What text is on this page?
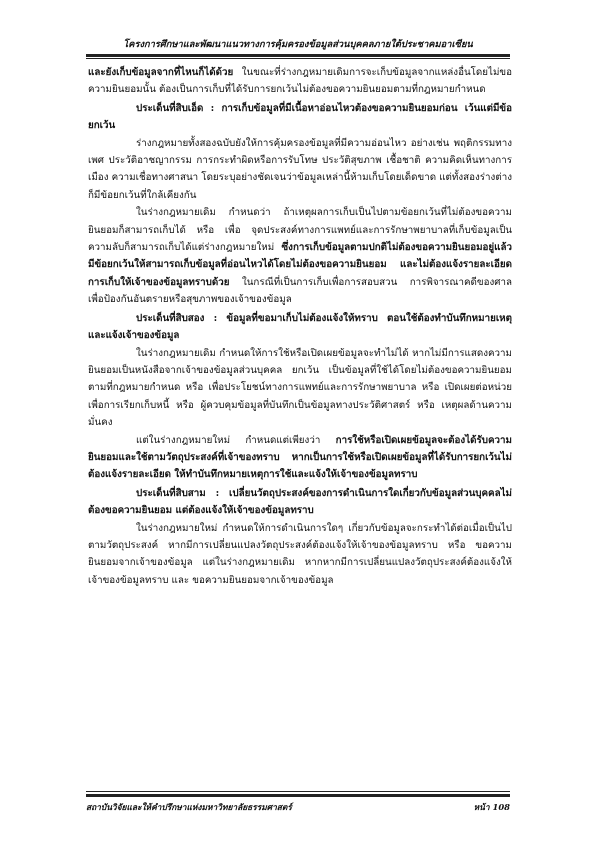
โครงการศึกษาและพัฒนาแนวทางการคุ้มครองข้อมูลส่วนบุคคลภายใต้ประชาคมอาเซียน

และยังเก็บข้อมูลจากที่ไหนก็ได้ด้วย ในขณะที่ร่างกฎหมายเดิมการจะเก็บข้อมูลจากแหล่งอื่นโดยไม่ขอความยินยอมนั้น ต้องเป็นการเก็บที่ได้รับการยกเว้นไม่ต้องขอความยินยอมตามที่กฎหมายกำหนด

ประเด็นที่สิบเอ็ด : การเก็บข้อมูลที่มีเนื้อหาอ่อนไหวต้องขอความยินยอมก่อน เว้นแต่มีข้อยกเว้น

ร่างกฎหมายทั้งสองฉบับยังให้การคุ้มครองข้อมูลที่มีความอ่อนไหว อย่างเช่น พฤติกรรมทางเพศ ประวัติอาชญากรรม การกระทำผิดหรือการรับโทษ ประวัติสุขภาพ เชื้อชาติ ความคิดเห็นทางการเมือง ความเชื่อทางศาสนา โดยระบุอย่างชัดเจนว่าข้อมูลเหล่านี้ห้ามเก็บโดยเด็ดขาด แต่ทั้งสองร่างต่างก็มีข้อยกเว้นที่ใกล้เคียงกัน

ในร่างกฎหมายเดิม กำหนดว่า ถ้าเหตุผลการเก็บเป็นไปตามข้อยกเว้นที่ไม่ต้องขอความยินยอมก็สามารถเก็บได้ หรือ เพื่อ จุดประสงค์ทางการแพทย์และการรักษาพยาบาลที่เก็บข้อมูลเป็นความลับก็สามารถเก็บได้แต่ร่างกฎหมายใหม่ ซึ่งการเก็บข้อมูลตามปกติไม่ต้องขอความยินยอมอยู่แล้ว มีข้อยกเว้นให้สามารถเก็บข้อมูลที่อ่อนไหวได้โดยไม่ต้องขอความยินยอม และไม่ต้องแจ้งรายละเอียดการเก็บให้เจ้าของข้อมูลทราบด้วย ในกรณีที่เป็นการเก็บเพื่อการสอบสวน การพิจารณาคดีของศาล เพื่อป้องกันอันตรายหรือสุขภาพของเจ้าของข้อมูล

ประเด็นที่สิบสอง : ข้อมูลที่ขอมาเก็บไม่ต้องแจ้งให้ทราบ ตอนใช้ต้องทำบันทึกหมายเหตุและแจ้งเจ้าของข้อมูล

ในร่างกฎหมายเดิม กำหนดให้การใช้หรือเปิดเผยข้อมูลจะทำไม่ได้ หากไม่มีการแสดงความยินยอมเป็นหนังสือจากเจ้าของข้อมูลส่วนบุคคล ยกเว้น เป็นข้อมูลที่ใช้ได้โดยไม่ต้องขอความยินยอมตามที่กฎหมายกำหนด หรือ เพื่อประโยชน์ทางการแพทย์และการรักษาพยาบาล หรือ เปิดเผยต่อหน่วย เพื่อการเรียกเก็บหนี้ หรือ ผู้ควบคุมข้อมูลที่บันทึกเป็นข้อมูลทางประวัติศาสตร์ หรือ เหตุผลด้านความมั่นคง

แต่ในร่างกฎหมายใหม่ กำหนดแต่เพียงว่า การใช้หรือเปิดเผยข้อมูลจะต้องได้รับความยินยอมและใช้ตามวัตถุประสงค์ที่เจ้าของทราบ หากเป็นการใช้หรือเปิดเผยข้อมูลที่ได้รับการยกเว้นไม่ต้องแจ้งรายละเอียด ให้ทำบันทึกหมายเหตุการใช้และแจ้งให้เจ้าของข้อมูลทราบ

ประเด็นที่สิบสาม : เปลี่ยนวัตถุประสงค์ของการดำเนินการใดเกี่ยวกับข้อมูลส่วนบุคคลไม่ต้องขอความยินยอม แต่ต้องแจ้งให้เจ้าของข้อมูลทราบ

ในร่างกฎหมายใหม่ กำหนดให้การดำเนินการใดๆ เกี่ยวกับข้อมูลจะกระทำได้ต่อเมื่อเป็นไปตามวัตถุประสงค์ หากมีการเปลี่ยนแปลงวัตถุประสงค์ต้องแจ้งให้เจ้าของข้อมูลทราบ หรือ ขอความยินยอมจากเจ้าของข้อมูล แต่ในร่างกฎหมายเดิม หากหากมีการเปลี่ยนแปลงวัตถุประสงค์ต้องแจ้งให้เจ้าของข้อมูลทราบ และ ขอความยินยอมจากเจ้าของข้อมูล

สถาบันวิจัยและให้คำปรึกษาแห่งมหาวิทยาลัยธรรมศาสตร์	หน้า 108
